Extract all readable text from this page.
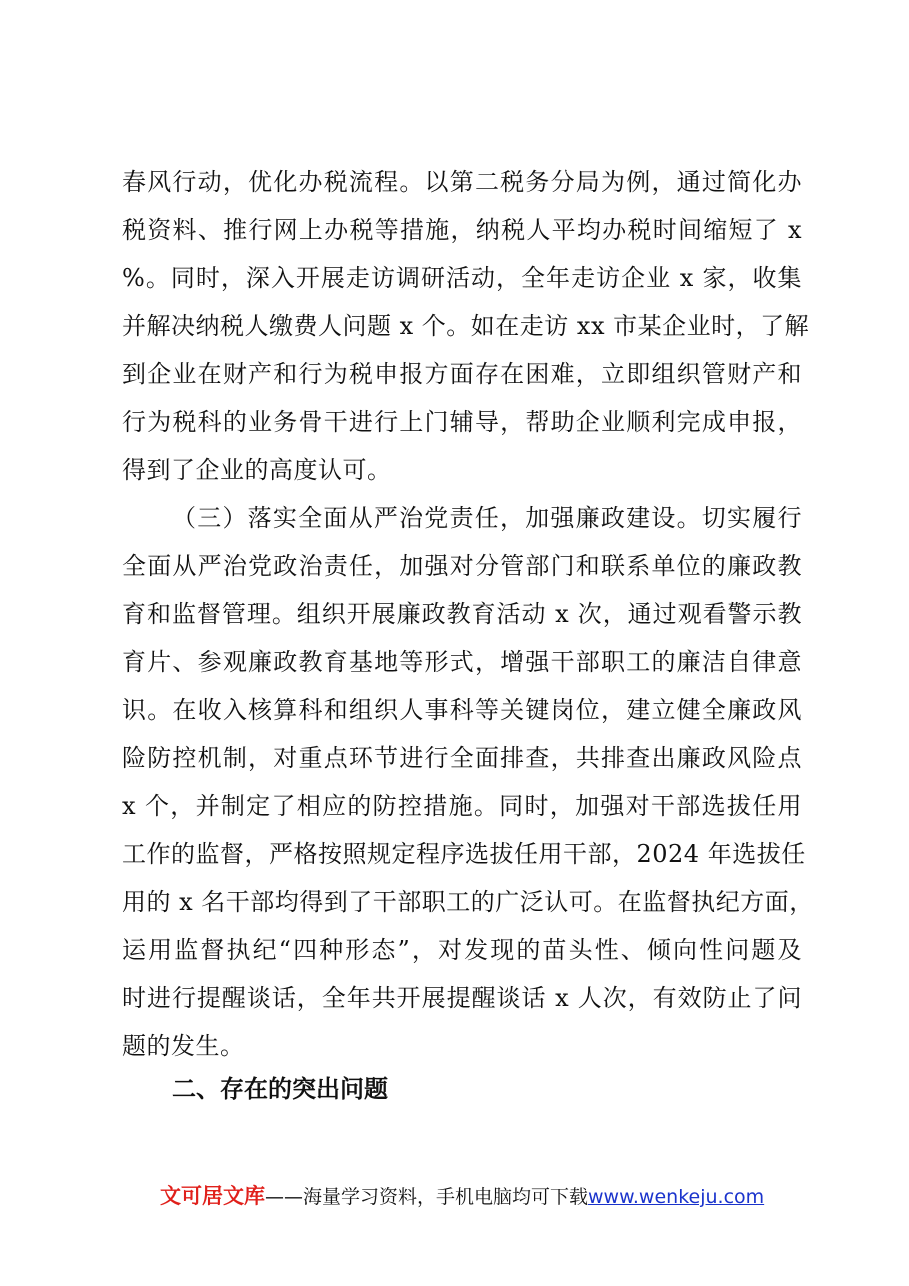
春风行动，优化办税流程。以第二税务分局为例，通过简化办
税资料、推行网上办税等措施，纳税人平均办税时间缩短了 x
%。同时，深入开展走访调研活动，全年走访企业 x 家，收集
并解决纳税人缴费人问题 x 个。如在走访 xx 市某企业时，了解
到企业在财产和行为税申报方面存在困难，立即组织管财产和
行为税科的业务骨干进行上门辅导，帮助企业顺利完成申报，
得到了企业的高度认可。
（三）落实全面从严治党责任，加强廉政建设。切实履行
全面从严治党政治责任，加强对分管部门和联系单位的廉政教
育和监督管理。组织开展廉政教育活动 x 次，通过观看警示教
育片、参观廉政教育基地等形式，增强干部职工的廉洁自律意
识。在收入核算科和组织人事科等关键岗位，建立健全廉政风
险防控机制，对重点环节进行全面排查，共排查出廉政风险点
x 个，并制定了相应的防控措施。同时，加强对干部选拔任用
工作的监督，严格按照规定程序选拔任用干部，2024 年选拔任
用的 x 名干部均得到了干部职工的广泛认可。在监督执纪方面，
运用监督执纪“四种形态”，对发现的苗头性、倾向性问题及
时进行提醒谈话，全年共开展提醒谈话 x 人次，有效防止了问
题的发生。
二、存在的突出问题
文可居文库——海量学习资料，手机电脑均可下载www.wenkeju.com
